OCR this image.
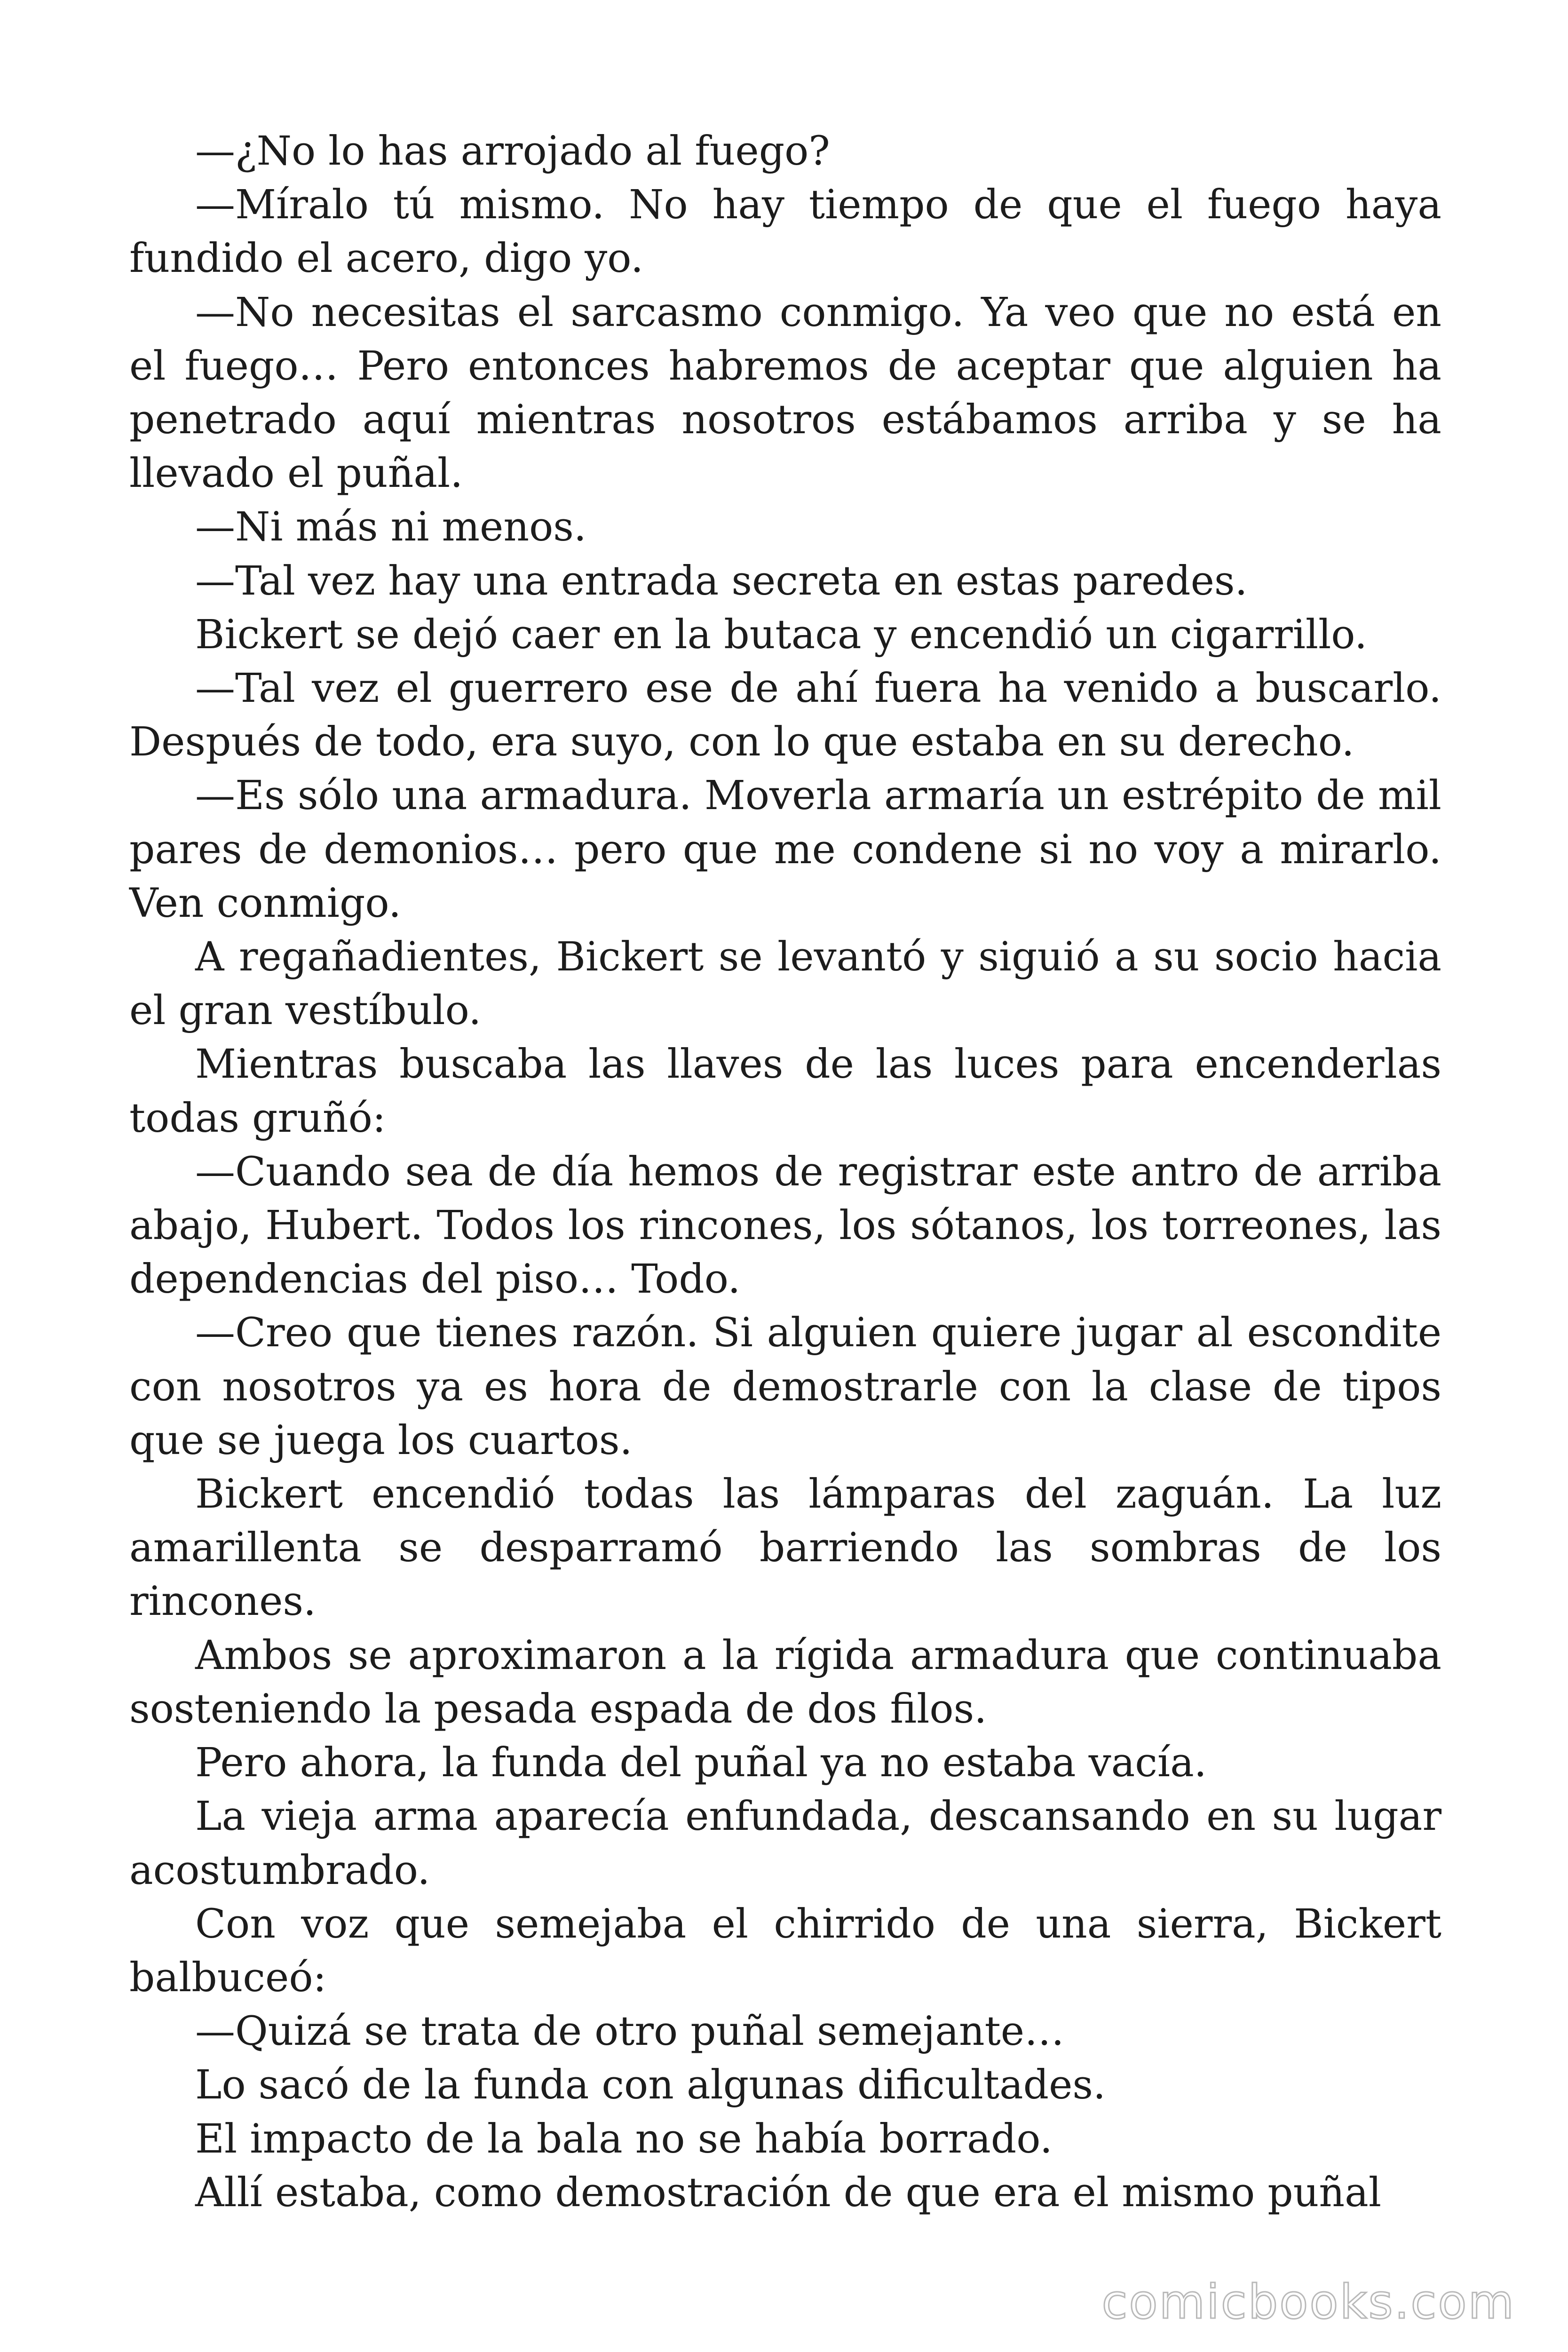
—¿No lo has arrojado al fuego?

—Míralo tú mismo. No hay tiempo de que el fuego haya fundido el acero, digo yo.

—No necesitas el sarcasmo conmigo. Ya veo que no está en el fuego… Pero entonces habremos de aceptar que alguien ha penetrado aquí mientras nosotros estábamos arriba y se ha llevado el puñal.

—Ni más ni menos.

—Tal vez hay una entrada secreta en estas paredes.

Bickert se dejó caer en la butaca y encendió un cigarrillo.

—Tal vez el guerrero ese de ahí fuera ha venido a buscarlo. Después de todo, era suyo, con lo que estaba en su derecho.

—Es sólo una armadura. Moverla armaría un estrépito de mil pares de demonios… pero que me condene si no voy a mirarlo. Ven conmigo.

A regañadientes, Bickert se levantó y siguió a su socio hacia el gran vestíbulo.

Mientras buscaba las llaves de las luces para encenderlas todas gruñó:

—Cuando sea de día hemos de registrar este antro de arriba abajo, Hubert. Todos los rincones, los sótanos, los torreones, las dependencias del piso… Todo.

—Creo que tienes razón. Si alguien quiere jugar al escondite con nosotros ya es hora de demostrarle con la clase de tipos que se juega los cuartos.

Bickert encendió todas las lámparas del zaguán. La luz amarillenta se desparramó barriendo las sombras de los rincones.

Ambos se aproximaron a la rígida armadura que continuaba sosteniendo la pesada espada de dos filos.

Pero ahora, la funda del puñal ya no estaba vacía.

La vieja arma aparecía enfundada, descansando en su lugar acostumbrado.

Con voz que semejaba el chirrido de una sierra, Bickert balbuceó:

—Quizá se trata de otro puñal semejante…

Lo sacó de la funda con algunas dificultades.

El impacto de la bala no se había borrado.

Allí estaba, como demostración de que era el mismo puñal

comicbooks.com
